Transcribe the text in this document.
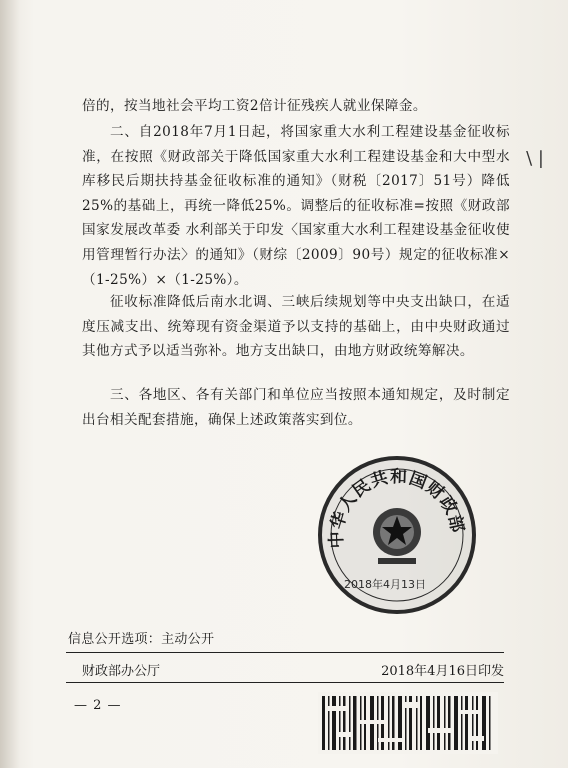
倍的，按当地社会平均工资2倍计征残疾人就业保障金。

二、自2018年7月1日起，将国家重大水利工程建设基金征收标准，在按照《财政部关于降低国家重大水利工程建设基金和大中型水库移民后期扶持基金征收标准的通知》（财税〔2017〕51号）降低25%的基础上，再统一降低25%。调整后的征收标准=按照《财政部 国家发展改革委 水利部关于印发〈国家重大水利工程建设基金征收使用管理暂行办法〉的通知》（财综〔2009〕90号）规定的征收标准×（1-25%）×（1-25%）。

征收标准降低后南水北调、三峡后续规划等中央支出缺口，在适度压减支出、统筹现有资金渠道予以支持的基础上，由中央财政通过其他方式予以适当弥补。地方支出缺口，由地方财政统筹解决。

三、各地区、各有关部门和单位应当按照本通知规定，及时制定出台相关配套措施，确保上述政策落实到位。

\ |
中华人民共和国财政部
2018年4月13日
信息公开选项：主动公开
财政部办公厅	2018年4月16日印发
— 2 —
